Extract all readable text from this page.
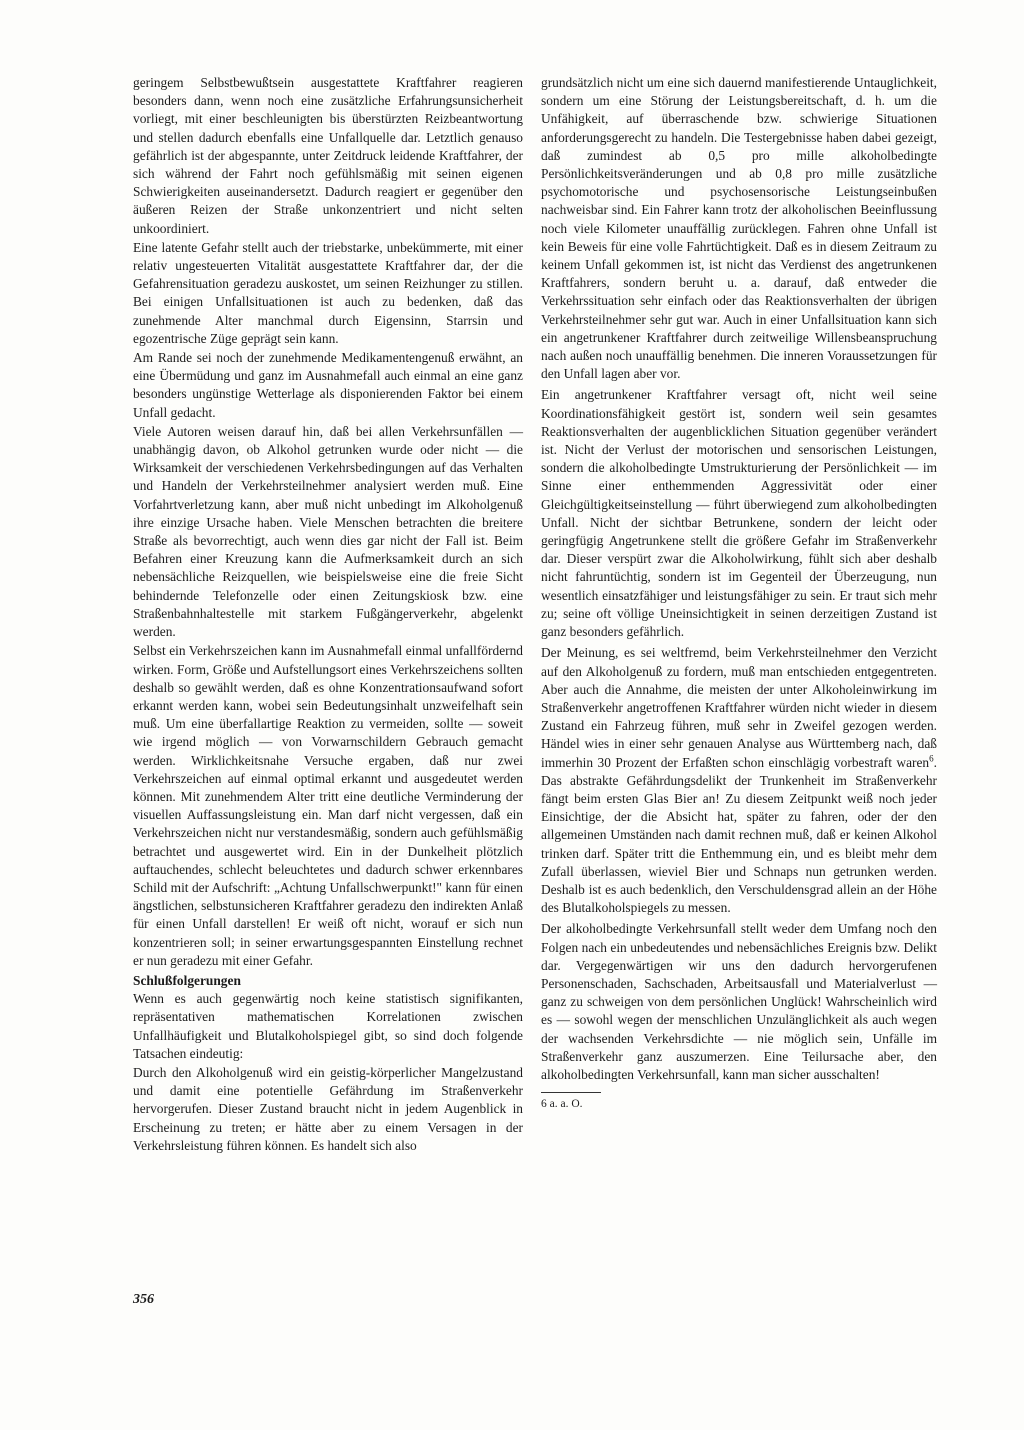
geringem Selbstbewußtsein ausgestattete Kraftfahrer reagieren besonders dann, wenn noch eine zusätzliche Erfahrungsunsicherheit vorliegt, mit einer beschleunigten bis überstürzten Reizbeantwortung und stellen dadurch ebenfalls eine Unfallquelle dar. Letztlich genauso gefährlich ist der abgespannte, unter Zeitdruck leidende Kraftfahrer, der sich während der Fahrt noch gefühlsmäßig mit seinen eigenen Schwierigkeiten auseinandersetzt. Dadurch reagiert er gegenüber den äußeren Reizen der Straße unkonzentriert und nicht selten unkoordiniert.

Eine latente Gefahr stellt auch der triebstarke, unbekümmerte, mit einer relativ ungesteuerten Vitalität ausgestattete Kraftfahrer dar, der die Gefahrensituation geradezu auskostet, um seinen Reizhunger zu stillen. Bei einigen Unfallsituationen ist auch zu bedenken, daß das zunehmende Alter manchmal durch Eigensinn, Starrsin und egozentrische Züge geprägt sein kann.

Am Rande sei noch der zunehmende Medikamentengenuß erwähnt, an eine Übermüdung und ganz im Ausnahmefall auch einmal an eine ganz besonders ungünstige Wetterlage als disponierenden Faktor bei einem Unfall gedacht.

Viele Autoren weisen darauf hin, daß bei allen Verkehrsunfällen — unabhängig davon, ob Alkohol getrunken wurde oder nicht — die Wirksamkeit der verschiedenen Verkehrsbedingungen auf das Verhalten und Handeln der Verkehrsteilnehmer analysiert werden muß. Eine Vorfahrtverletzung kann, aber muß nicht unbedingt im Alkoholgenuß ihre einzige Ursache haben. Viele Menschen betrachten die breitere Straße als bevorrechtigt, auch wenn dies gar nicht der Fall ist. Beim Befahren einer Kreuzung kann die Aufmerksamkeit durch an sich nebensächliche Reizquellen, wie beispielsweise eine die freie Sicht behindernde Telefonzelle oder einen Zeitungskiosk bzw. eine Straßenbahnhaltestelle mit starkem Fußgängerverkehr, abgelenkt werden.

Selbst ein Verkehrszeichen kann im Ausnahmefall einmal unfallfördernd wirken. Form, Größe und Aufstellungsort eines Verkehrszeichens sollten deshalb so gewählt werden, daß es ohne Konzentrationsaufwand sofort erkannt werden kann, wobei sein Bedeutungsinhalt unzweifelhaft sein muß. Um eine überfallartige Reaktion zu vermeiden, sollte — soweit wie irgend möglich — von Vorwarnschildern Gebrauch gemacht werden. Wirklichkeitsnahe Versuche ergaben, daß nur zwei Verkehrszeichen auf einmal optimal erkannt und ausgedeutet werden können. Mit zunehmendem Alter tritt eine deutliche Verminderung der visuellen Auffassungsleistung ein. Man darf nicht vergessen, daß ein Verkehrszeichen nicht nur verstandesmäßig, sondern auch gefühlsmäßig betrachtet und ausgewertet wird. Ein in der Dunkelheit plötzlich auftauchendes, schlecht beleuchtetes und dadurch schwer erkennbares Schild mit der Aufschrift: „Achtung Unfallschwerpunkt!" kann für einen ängstlichen, selbstunsicheren Kraftfahrer geradezu den indirekten Anlaß für einen Unfall darstellen! Er weiß oft nicht, worauf er sich nun konzentrieren soll; in seiner erwartungsgespannten Einstellung rechnet er nun geradezu mit einer Gefahr.

Schlußfolgerungen

Wenn es auch gegenwärtig noch keine statistisch signifikanten, repräsentativen mathematischen Korrelationen zwischen Unfallhäufigkeit und Blutalkoholspiegel gibt, so sind doch folgende Tatsachen eindeutig:

Durch den Alkoholgenuß wird ein geistig-körperlicher Mangelzustand und damit eine potentielle Gefährdung im Straßenverkehr hervorgerufen. Dieser Zustand braucht nicht in jedem Augenblick in Erscheinung zu treten; er hätte aber zu einem Versagen in der Verkehrsleistung führen können. Es handelt sich also

grundsätzlich nicht um eine sich dauernd manifestierende Untauglichkeit, sondern um eine Störung der Leistungsbereitschaft, d. h. um die Unfähigkeit, auf überraschende bzw. schwierige Situationen anforderungsgerecht zu handeln. Die Testergebnisse haben dabei gezeigt, daß zumindest ab 0,5 pro mille alkoholbedingte Persönlichkeitsveränderungen und ab 0,8 pro mille zusätzliche psychomotorische und psychosensorische Leistungseinbußen nachweisbar sind. Ein Fahrer kann trotz der alkoholischen Beeinflussung noch viele Kilometer unauffällig zurücklegen. Fahren ohne Unfall ist kein Beweis für eine volle Fahrtüchtigkeit. Daß es in diesem Zeitraum zu keinem Unfall gekommen ist, ist nicht das Verdienst des angetrunkenen Kraftfahrers, sondern beruht u. a. darauf, daß entweder die Verkehrssituation sehr einfach oder das Reaktionsverhalten der übrigen Verkehrsteilnehmer sehr gut war. Auch in einer Unfallsituation kann sich ein angetrunkener Kraftfahrer durch zeitweilige Willensbeanspruchung nach außen noch unauffällig benehmen. Die inneren Voraussetzungen für den Unfall lagen aber vor.

Ein angetrunkener Kraftfahrer versagt oft, nicht weil seine Koordinationsfähigkeit gestört ist, sondern weil sein gesamtes Reaktionsverhalten der augenblicklichen Situation gegenüber verändert ist. Nicht der Verlust der motorischen und sensorischen Leistungen, sondern die alkoholbedingte Umstrukturierung der Persönlichkeit — im Sinne einer enthemmenden Aggressivität oder einer Gleichgültigkeitseinstellung — führt überwiegend zum alkoholbedingten Unfall. Nicht der sichtbar Betrunkene, sondern der leicht oder geringfügig Angetrunkene stellt die größere Gefahr im Straßenverkehr dar. Dieser verspürt zwar die Alkoholwirkung, fühlt sich aber deshalb nicht fahruntüchtig, sondern ist im Gegenteil der Überzeugung, nun wesentlich einsatzfähiger und leistungsfähiger zu sein. Er traut sich mehr zu; seine oft völlige Uneinsichtigkeit in seinen derzeitigen Zustand ist ganz besonders gefährlich.

Der Meinung, es sei weltfremd, beim Verkehrsteilnehmer den Verzicht auf den Alkoholgenuß zu fordern, muß man entschieden entgegentreten. Aber auch die Annahme, die meisten der unter Alkoholeinwirkung im Straßenverkehr angetroffenen Kraftfahrer würden nicht wieder in diesem Zustand ein Fahrzeug führen, muß sehr in Zweifel gezogen werden. Händel wies in einer sehr genauen Analyse aus Württemberg nach, daß immerhin 30 Prozent der Erfaßten schon einschlägig vorbestraft waren$^6$. Das abstrakte Gefährdungsdelikt der Trunkenheit im Straßenverkehr fängt beim ersten Glas Bier an! Zu diesem Zeitpunkt weiß noch jeder Einsichtige, der die Absicht hat, später zu fahren, oder der den allgemeinen Umständen nach damit rechnen muß, daß er keinen Alkohol trinken darf. Später tritt die Enthemmung ein, und es bleibt mehr dem Zufall überlassen, wieviel Bier und Schnaps nun getrunken werden. Deshalb ist es auch bedenklich, den Verschuldensgrad allein an der Höhe des Blutalkoholspiegels zu messen.

Der alkoholbedingte Verkehrsunfall stellt weder dem Umfang noch den Folgen nach ein unbedeutendes und nebensächliches Ereignis bzw. Delikt dar. Vergegenwärtigen wir uns den dadurch hervorgerufenen Personenschaden, Sachschaden, Arbeitsausfall und Materialverlust — ganz zu schweigen von dem persönlichen Unglück! Wahrscheinlich wird es — sowohl wegen der menschlichen Unzulänglichkeit als auch wegen der wachsenden Verkehrsdichte — nie möglich sein, Unfälle im Straßenverkehr ganz auszumerzen. Eine Teilursache aber, den alkoholbedingten Verkehrsunfall, kann man sicher ausschalten!

6 a. a. O.

356
